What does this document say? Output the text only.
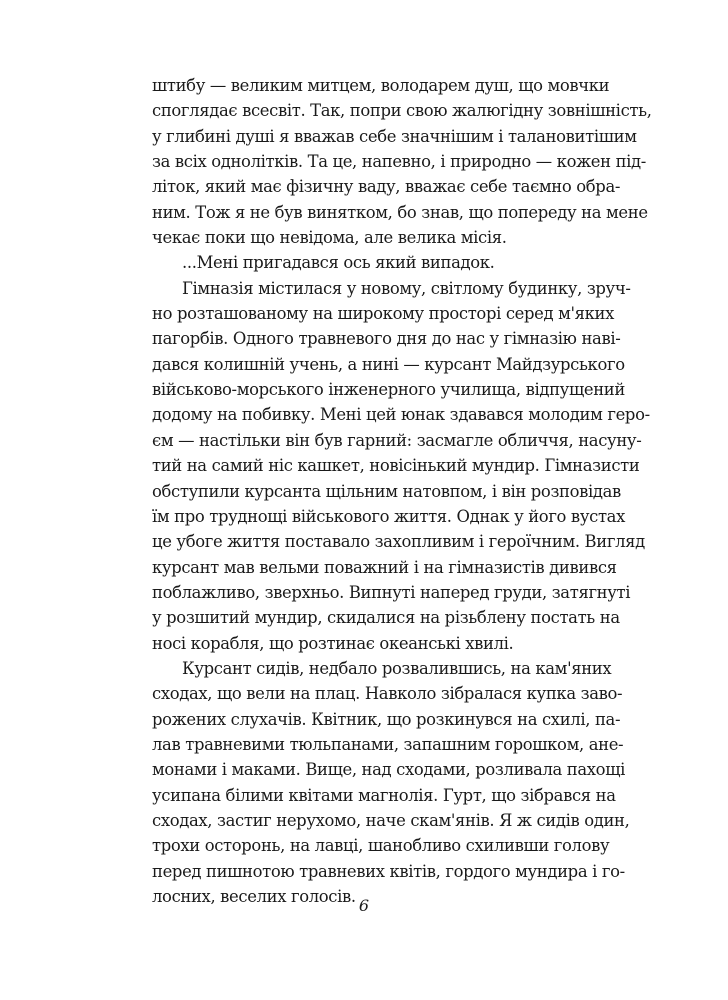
штибу — великим митцем, володарем душ, що мовчки
споглядає всесвіт. Так, попри свою жалюгідну зовнішність,
у глибині душі я вважав себе значнішим і талановитішим
за всіх однолітків. Та це, напевно, і природно — кожен під-
літок, який має фізичну ваду, вважає себе таємно обра-
ним. Тож я не був винятком, бо знав, що попереду на мене
чекає поки що невідома, але велика місія.
...Мені пригадався ось який випадок.
Гімназія містилася у новому, світлому будинку, зруч-
но розташованому на широкому просторі серед м'яких
пагорбів. Одного травневого дня до нас у гімназію наві-
дався колишній учень, а нині — курсант Майдзурського
військово-морського інженерного училища, відпущений
додому на побивку. Мені цей юнак здавався молодим геро-
єм — настільки він був гарний: засмагле обличчя, насуну-
тий на самий ніс кашкет, новісінький мундир. Гімназисти
обступили курсанта щільним натовпом, і він розповідав
їм про труднощі військового життя. Однак у його вустах
це убоге життя поставало захопливим і героїчним. Вигляд
курсант мав вельми поважний і на гімназистів дивився
поблажливо, зверхньо. Випнуті наперед груди, затягнуті
у розшитий мундир, скидалися на різьблену постать на
носі корабля, що розтинає океанські хвилі.
Курсант сидів, недбало розвалившись, на кам'яних
сходах, що вели на плац. Навколо зібралася купка заво-
рожених слухачів. Квітник, що розкинувся на схилі, па-
лав травневими тюльпанами, запашним горошком, ане-
монами і маками. Вище, над сходами, розливала пахощі
усипана білими квітами магнолія. Гурт, що зібрався на
сходах, застиг нерухомо, наче скам'янів. Я ж сидів один,
трохи осторонь, на лавці, шанобливо схиливши голову
перед пишнотою травневих квітів, гордого мундира і го-
лосних, веселих голосів. 6
